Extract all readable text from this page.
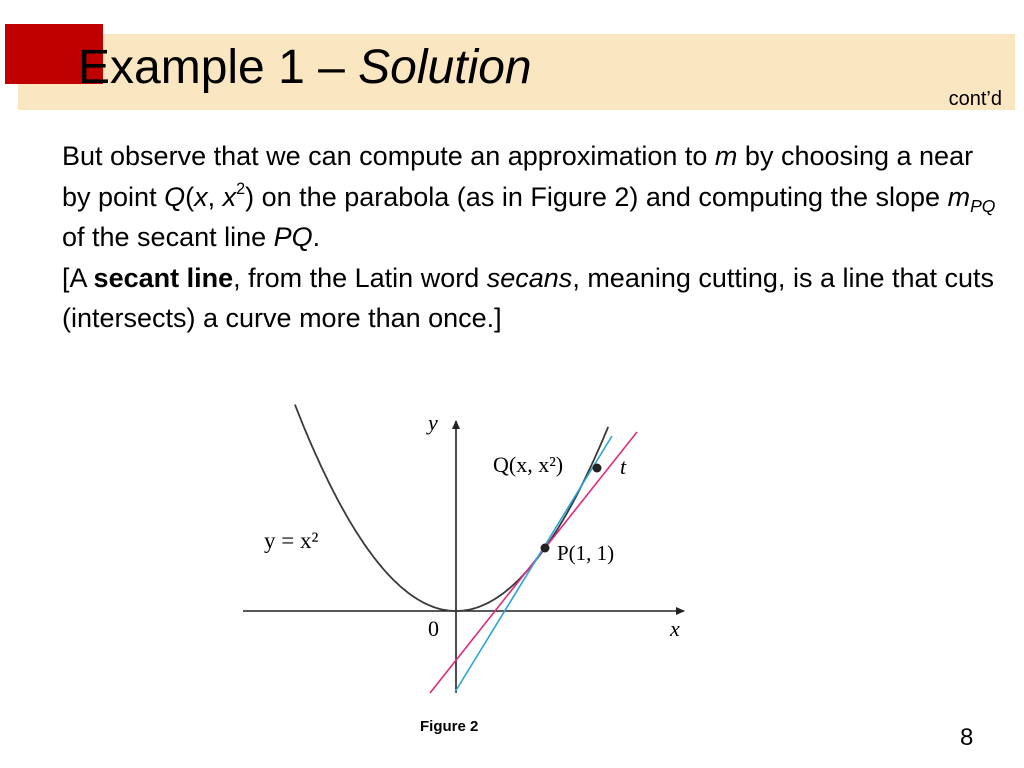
Example 1 – Solution
cont’d

But observe that we can compute an approximation to m by choosing a near by point Q(x, $x^2$) on the parabola (as in Figure 2) and computing the slope $m_{PQ}$ of the secant line PQ.

[A secant line, from the Latin word secans, meaning cutting, is a line that cuts (intersects) a curve more than once.]

y
x
0
y = x²
Q(x, x²)	t
P(1, 1)
Figure 2	8
